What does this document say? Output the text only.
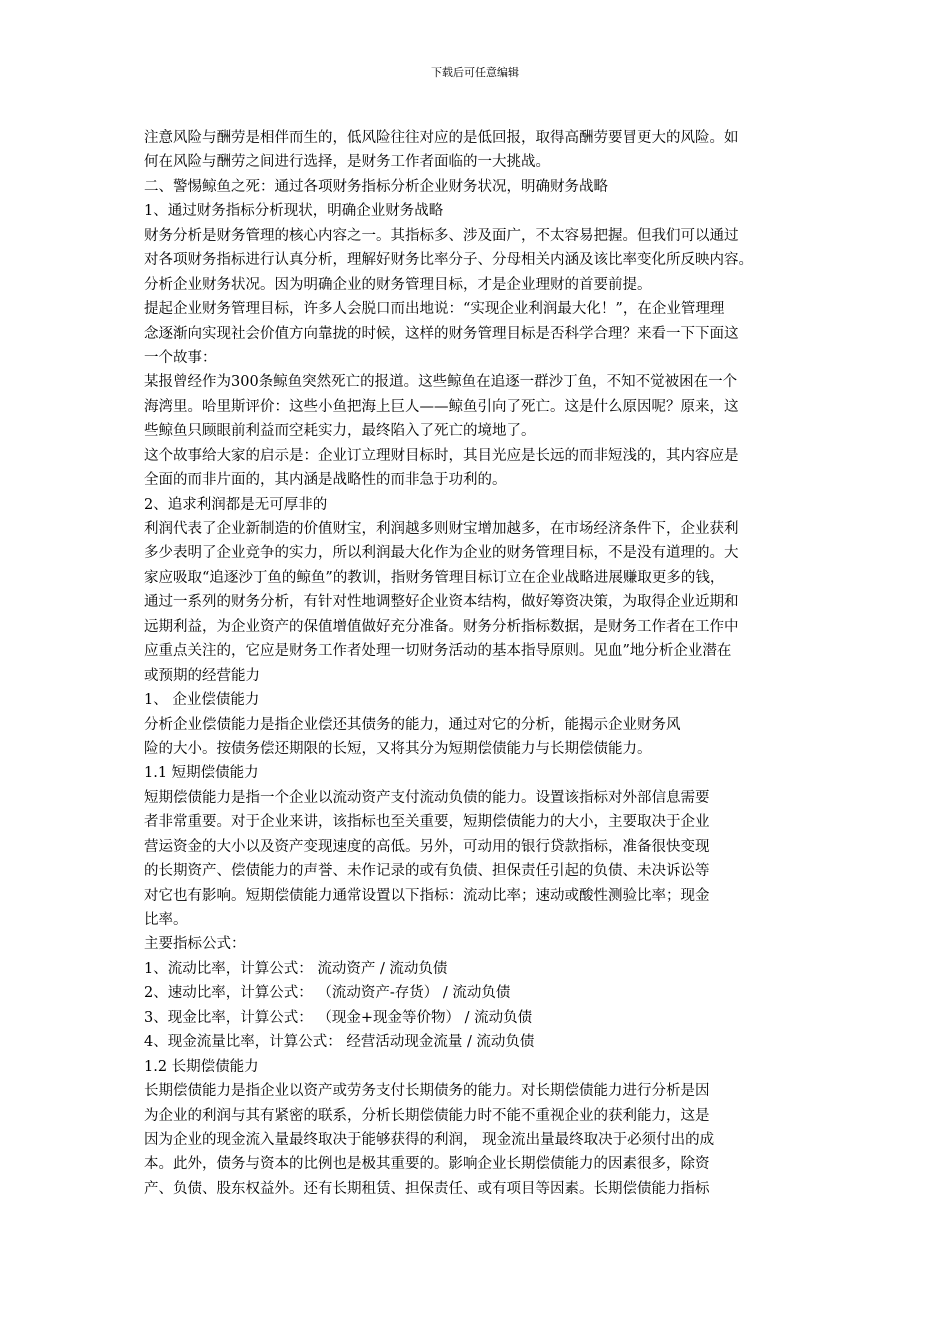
下载后可任意编辑
注意风险与酬劳是相伴而生的，低风险往往对应的是低回报，取得高酬劳要冒更大的风险。如
何在风险与酬劳之间进行选择，是财务工作者面临的一大挑战。
二、警惕鲸鱼之死：通过各项财务指标分析企业财务状况，明确财务战略
1、通过财务指标分析现状，明确企业财务战略
财务分析是财务管理的核心内容之一。其指标多、涉及面广，不太容易把握。但我们可以通过
对各项财务指标进行认真分析，理解好财务比率分子、分母相关内涵及该比率变化所反映内容。
分析企业财务状况。因为明确企业的财务管理目标，才是企业理财的首要前提。
提起企业财务管理目标，许多人会脱口而出地说：“实现企业利润最大化！”，在企业管理理
念逐渐向实现社会价值方向靠拢的时候，这样的财务管理目标是否科学合理？来看一下下面这
一个故事：
某报曾经作为300条鲸鱼突然死亡的报道。这些鲸鱼在追逐一群沙丁鱼，不知不觉被困在一个
海湾里。哈里斯评价：这些小鱼把海上巨人——鲸鱼引向了死亡。这是什么原因呢？原来，这
些鲸鱼只顾眼前利益而空耗实力，最终陷入了死亡的境地了。
这个故事给大家的启示是：企业订立理财目标时，其目光应是长远的而非短浅的，其内容应是
全面的而非片面的，其内涵是战略性的而非急于功利的。
2、追求利润都是无可厚非的
利润代表了企业新制造的价值财宝，利润越多则财宝增加越多，在市场经济条件下，企业获利
多少表明了企业竞争的实力，所以利润最大化作为企业的财务管理目标，不是没有道理的。大
家应吸取“追逐沙丁鱼的鲸鱼”的教训，指财务管理目标订立在企业战略进展赚取更多的钱，
通过一系列的财务分析，有针对性地调整好企业资本结构，做好筹资决策，为取得企业近期和
远期利益，为企业资产的保值增值做好充分准备。财务分析指标数据，是财务工作者在工作中
应重点关注的，它应是财务工作者处理一切财务活动的基本指导原则。见血”地分析企业潜在
或预期的经营能力
1、 企业偿债能力
分析企业偿债能力是指企业偿还其债务的能力，通过对它的分析，能揭示企业财务风
险的大小。按债务偿还期限的长短，又将其分为短期偿债能力与长期偿债能力。
1.1 短期偿债能力
短期偿债能力是指一个企业以流动资产支付流动负债的能力。设置该指标对外部信息需要
者非常重要。对于企业来讲，该指标也至关重要，短期偿债能力的大小，主要取决于企业
营运资金的大小以及资产变现速度的高低。另外，可动用的银行贷款指标，准备很快变现
的长期资产、偿债能力的声誉、未作记录的或有负债、担保责任引起的负债、未决诉讼等
对它也有影响。短期偿债能力通常设置以下指标：流动比率；速动或酸性测验比率；现金
比率。
主要指标公式：
1、流动比率，计算公式： 流动资产 / 流动负债
2、速动比率，计算公式： （流动资产-存货） / 流动负债
3、现金比率，计算公式： （现金+现金等价物） / 流动负债
4、现金流量比率，计算公式： 经营活动现金流量 / 流动负债
1.2 长期偿债能力
长期偿债能力是指企业以资产或劳务支付长期债务的能力。对长期偿债能力进行分析是因
为企业的利润与其有紧密的联系，分析长期偿债能力时不能不重视企业的获利能力，这是
因为企业的现金流入量最终取决于能够获得的利润， 现金流出量最终取决于必须付出的成
本。此外，债务与资本的比例也是极其重要的。影响企业长期偿债能力的因素很多，除资
产、负债、股东权益外。还有长期租赁、担保责任、或有项目等因素。长期偿债能力指标
